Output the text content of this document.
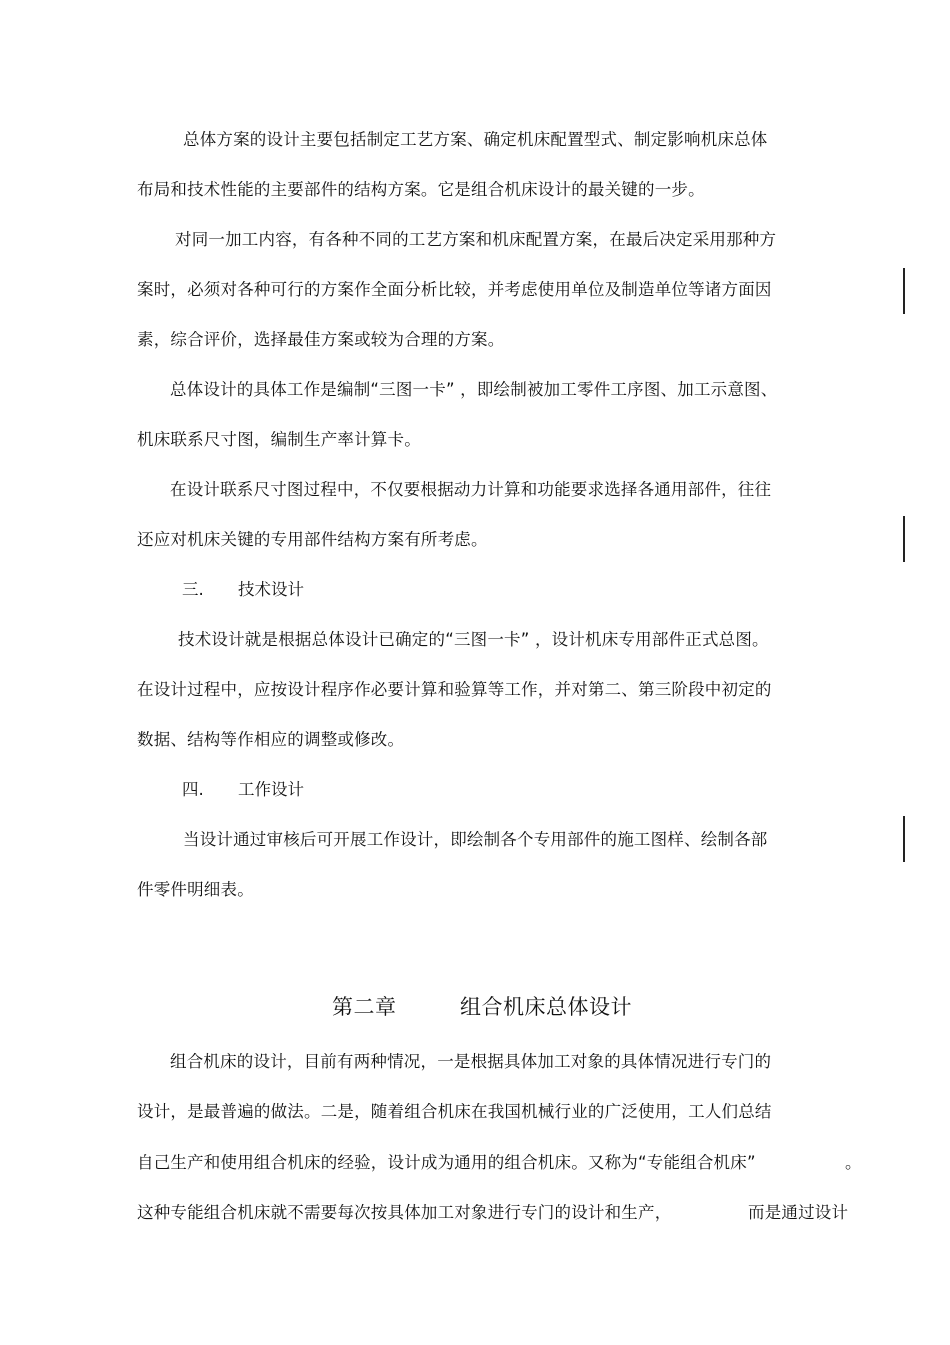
总体方案的设计主要包括制定工艺方案、确定机床配置型式、制定影响机床总体
布局和技术性能的主要部件的结构方案。它是组合机床设计的最关键的一步。
对同一加工内容，有各种不同的工艺方案和机床配置方案，在最后决定采用那种方
案时，必须对各种可行的方案作全面分析比较，并考虑使用单位及制造单位等诸方面因
素，综合评价，选择最佳方案或较为合理的方案。
总体设计的具体工作是编制“三图一卡” ，即绘制被加工零件工序图、加工示意图、
机床联系尺寸图，编制生产率计算卡。
在设计联系尺寸图过程中，不仅要根据动力计算和功能要求选择各通用部件，往往
还应对机床关键的专用部件结构方案有所考虑。
三. 技术设计
技术设计就是根据总体设计已确定的“三图一卡” ，设计机床专用部件正式总图。
在设计过程中，应按设计程序作必要计算和验算等工作，并对第二、第三阶段中初定的
数据、结构等作相应的调整或修改。
四. 工作设计
当设计通过审核后可开展工作设计，即绘制各个专用部件的施工图样、绘制各部
件零件明细表。
第二章	组合机床总体设计
组合机床的设计，目前有两种情况，一是根据具体加工对象的具体情况进行专门的
设计，是最普遍的做法。二是，随着组合机床在我国机械行业的广泛使用，工人们总结
自己生产和使用组合机床的经验，设计成为通用的组合机床。又称为“专能组合机床”	。
这种专能组合机床就不需要每次按具体加工对象进行专门的设计和生产，	而是通过设计
